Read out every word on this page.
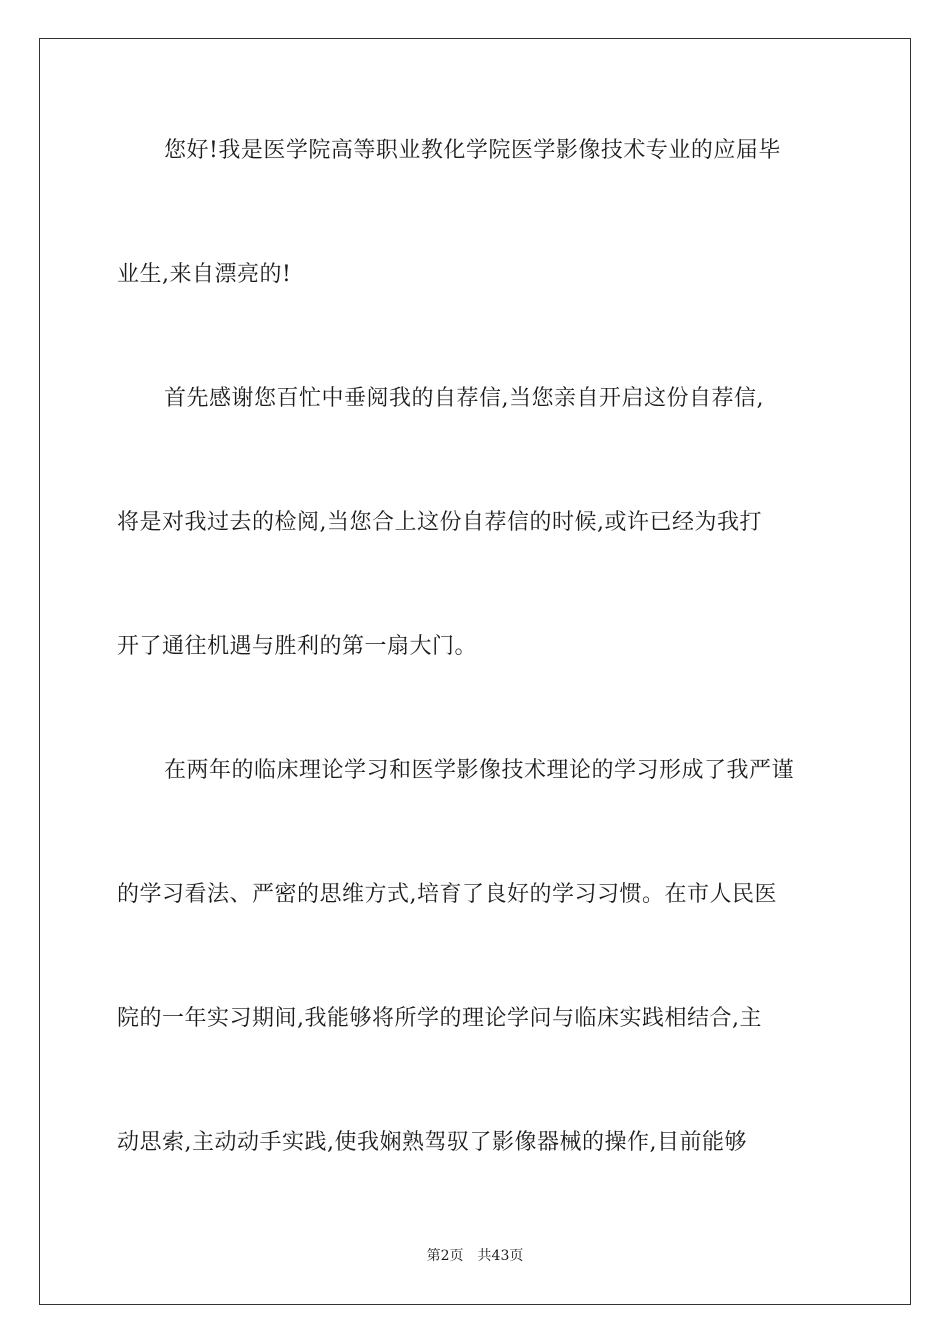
您好!我是医学院高等职业教化学院医学影像技术专业的应届毕
业生,来自漂亮的!
首先感谢您百忙中垂阅我的自荐信,当您亲自开启这份自荐信,
将是对我过去的检阅,当您合上这份自荐信的时候,或许已经为我打
开了通往机遇与胜利的第一扇大门。
在两年的临床理论学习和医学影像技术理论的学习形成了我严谨
的学习看法、严密的思维方式,培育了良好的学习习惯。在市人民医
院的一年实习期间,我能够将所学的理论学问与临床实践相结合,主
动思索,主动动手实践,使我娴熟驾驭了影像器械的操作,目前能够
第2页 共43页
